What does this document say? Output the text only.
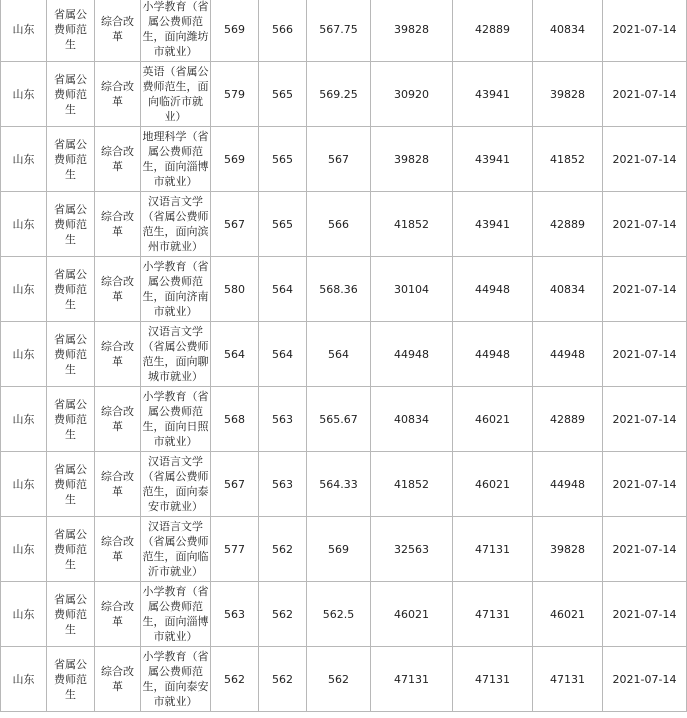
山东	省属公费师范生	综合改革	小学教育（省属公费师范生，面向潍坊市就业）	569	566	567.75	39828	42889	40834	2021-07-14
山东	省属公费师范生	综合改革	英语（省属公费师范生，面向临沂市就业）	579	565	569.25	30920	43941	39828	2021-07-14
山东	省属公费师范生	综合改革	地理科学（省属公费师范生，面向淄博市就业）	569	565	567	39828	43941	41852	2021-07-14
山东	省属公费师范生	综合改革	汉语言文学（省属公费师范生，面向滨州市就业）	567	565	566	41852	43941	42889	2021-07-14
山东	省属公费师范生	综合改革	小学教育（省属公费师范生，面向济南市就业）	580	564	568.36	30104	44948	40834	2021-07-14
山东	省属公费师范生	综合改革	汉语言文学（省属公费师范生，面向聊城市就业）	564	564	564	44948	44948	44948	2021-07-14
山东	省属公费师范生	综合改革	小学教育（省属公费师范生，面向日照市就业）	568	563	565.67	40834	46021	42889	2021-07-14
山东	省属公费师范生	综合改革	汉语言文学（省属公费师范生，面向泰安市就业）	567	563	564.33	41852	46021	44948	2021-07-14
山东	省属公费师范生	综合改革	汉语言文学（省属公费师范生，面向临沂市就业）	577	562	569	32563	47131	39828	2021-07-14
山东	省属公费师范生	综合改革	小学教育（省属公费师范生，面向淄博市就业）	563	562	562.5	46021	47131	46021	2021-07-14
山东	省属公费师范生	综合改革	小学教育（省属公费师范生，面向泰安市就业）	562	562	562	47131	47131	47131	2021-07-14
